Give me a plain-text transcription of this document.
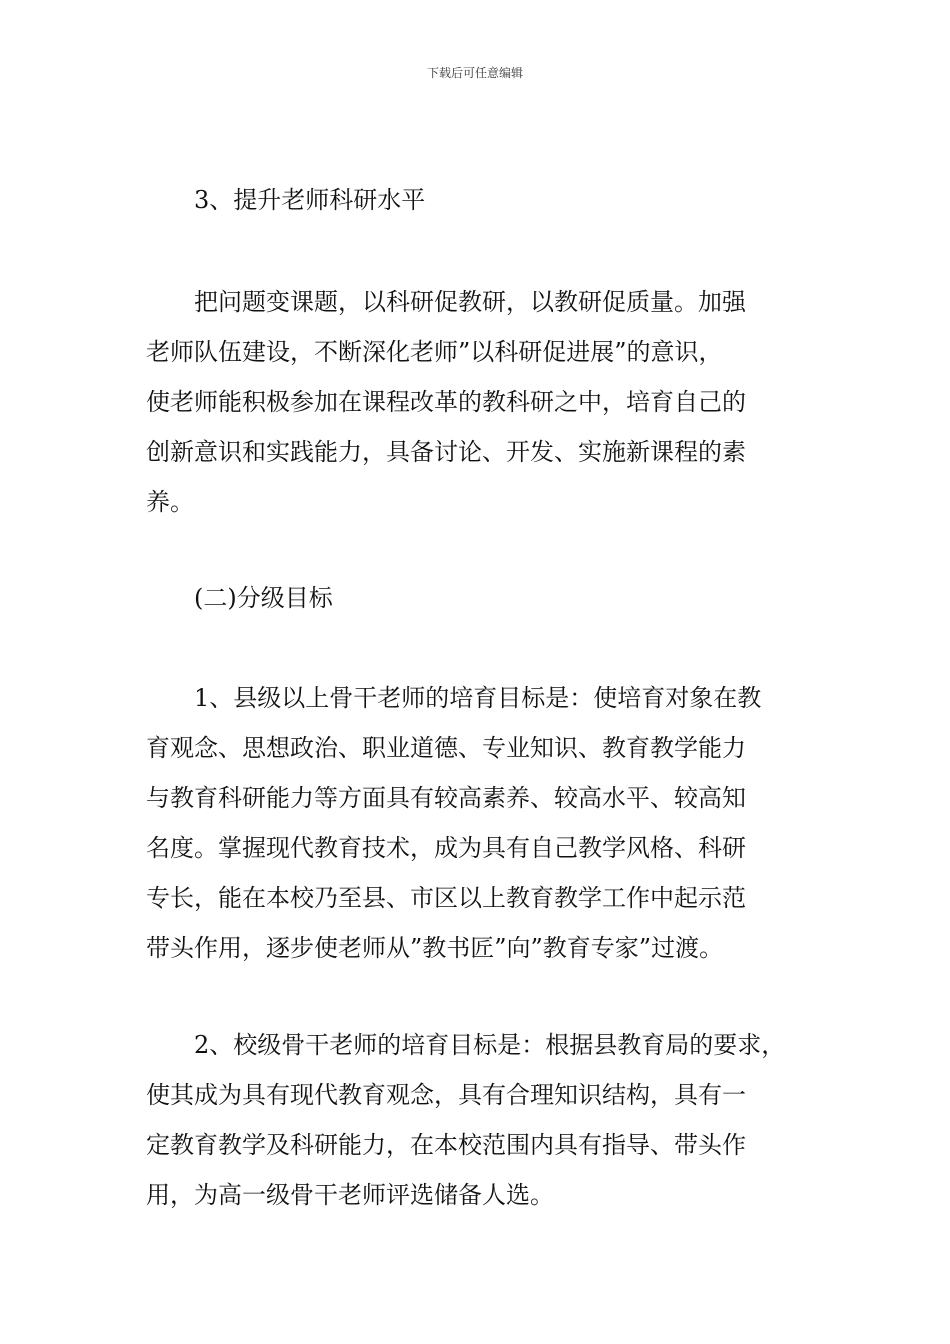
下载后可任意编辑
3、提升老师科研水平
把问题变课题，以科研促教研，以教研促质量。加强
老师队伍建设，不断深化老师”以科研促进展”的意识，
使老师能积极参加在课程改革的教科研之中，培育自己的
创新意识和实践能力，具备讨论、开发、实施新课程的素
养。
(二)分级目标
1、县级以上骨干老师的培育目标是：使培育对象在教
育观念、思想政治、职业道德、专业知识、教育教学能力
与教育科研能力等方面具有较高素养、较高水平、较高知
名度。掌握现代教育技术，成为具有自己教学风格、科研
专长，能在本校乃至县、市区以上教育教学工作中起示范
带头作用，逐步使老师从”教书匠”向”教育专家”过渡。
2、校级骨干老师的培育目标是：根据县教育局的要求，
使其成为具有现代教育观念，具有合理知识结构，具有一
定教育教学及科研能力，在本校范围内具有指导、带头作
用，为高一级骨干老师评选储备人选。
